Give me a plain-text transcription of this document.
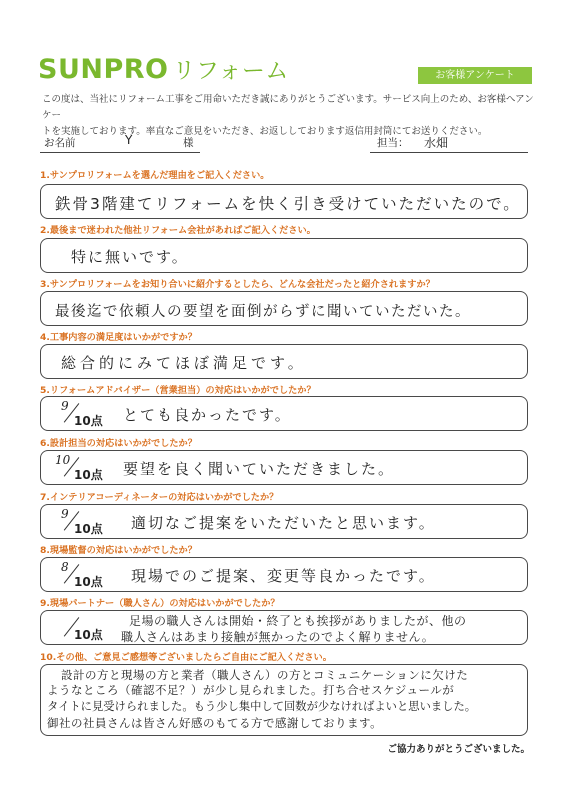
SUNPRO リフォーム	お客様アンケート
この度は、当社にリフォーム工事をご用命いただき誠にありがとうございます。サービス向上のため、お客様へアンケー
トを実施しております。率直なご意見をいただき、お返ししております返信用封筒にてお送りください。
お名前	Y	様	担当： 水畑
1.サンプロリフォームを選んだ理由をご記入ください。
鉄骨3階建てリフォームを快く引き受けていただいたので。
2.最後まで迷われた他社リフォーム会社があればご記入ください。
特に無いです。
3.サンプロリフォームをお知り合いに紹介するとしたら、どんな会社だったと紹介されますか？
最後迄で依頼人の要望を面倒がらずに聞いていただいた。
4.工事内容の満足度はいかがですか？
総合的にみてほぼ満足です。
5.リフォームアドバイザー（営業担当）の対応はいかがでしたか？
9
10点 とても良かったです。
6.設計担当の対応はいかがでしたか？
10
10点 要望を良く聞いていただきました。
7.インテリアコーディネーターの対応はいかがでしたか？
9
10点 適切なご提案をいただいたと思います。
8.現場監督の対応はいかがでしたか？
8
10点 現場でのご提案、変更等良かったです。
9.現場パートナー（職人さん）の対応はいかがでしたか？
10点
足場の職人さんは開始・終了とも挨拶がありましたが、他の
職人さんはあまり接触が無かったのでよく解りません。
10.その他、ご意見ご感想等ございましたらご自由にご記入ください。
設計の方と現場の方と業者（職人さん）の方とコミュニケーションに欠けた
ようなところ（確認不足？）が少し見られました。打ち合せスケジュールが
タイトに見受けられました。もう少し集中して回数が少なければよいと思いました。
御社の社員さんは皆さん好感のもてる方で感謝しております。
ご協力ありがとうございました。
